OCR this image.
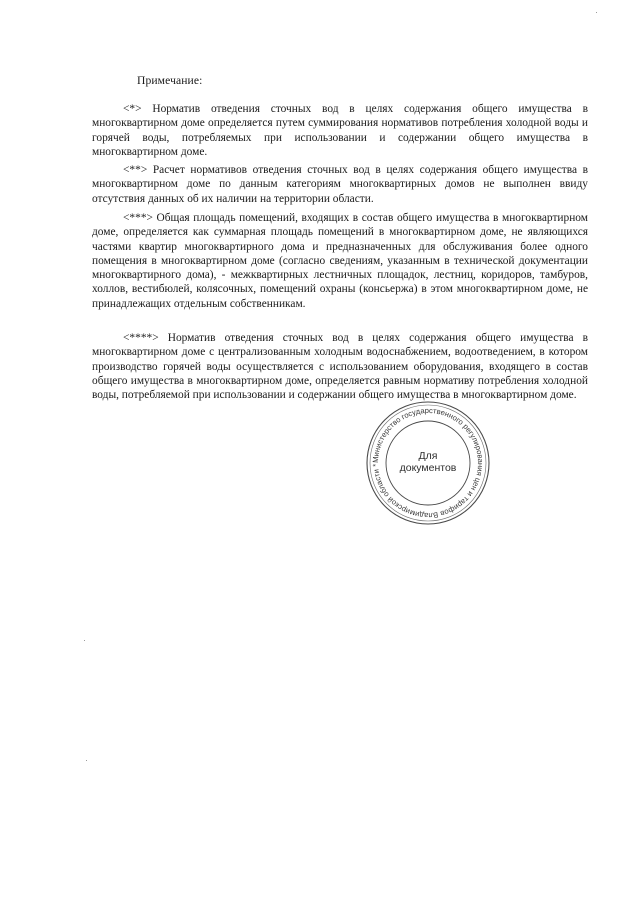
Примечание:

<*> Норматив отведения сточных вод в целях содержания общего имущества в многоквартирном доме определяется путем суммирования нормативов потребления холодной воды и горячей воды, потребляемых при использовании и содержании общего имущества в многоквартирном доме.

<**> Расчет нормативов отведения сточных вод в целях содержания общего имущества в многоквартирном доме по данным категориям многоквартирных домов не выполнен ввиду отсутствия данных об их наличии на территории области.

<***> Общая площадь помещений, входящих в состав общего имущества в многоквартирном доме, определяется как суммарная площадь помещений в многоквартирном доме, не являющихся частями квартир многоквартирного дома и предназначенных для обслуживания более одного помещения в многоквартирном доме (согласно сведениям, указанным в технической документации многоквартирного дома), - межквартирных лестничных площадок, лестниц, коридоров, тамбуров, холлов, вестибюлей, колясочных, помещений охраны (консьержа) в этом многоквартирном доме, не принадлежащих отдельным собственникам.

<****> Норматив отведения сточных вод в целях содержания общего имущества в многоквартирном доме с централизованным холодным водоснабжением, водоотведением, в котором производство горячей воды осуществляется с использованием оборудования, входящего в состав общего имущества в многоквартирном доме, определяется равным нормативу потребления холодной воды, потребляемой при использовании и содержании общего имущества в многоквартирном доме.

Министерство государственного регулирования цен и тарифов Владимирской области *
Для
документов
